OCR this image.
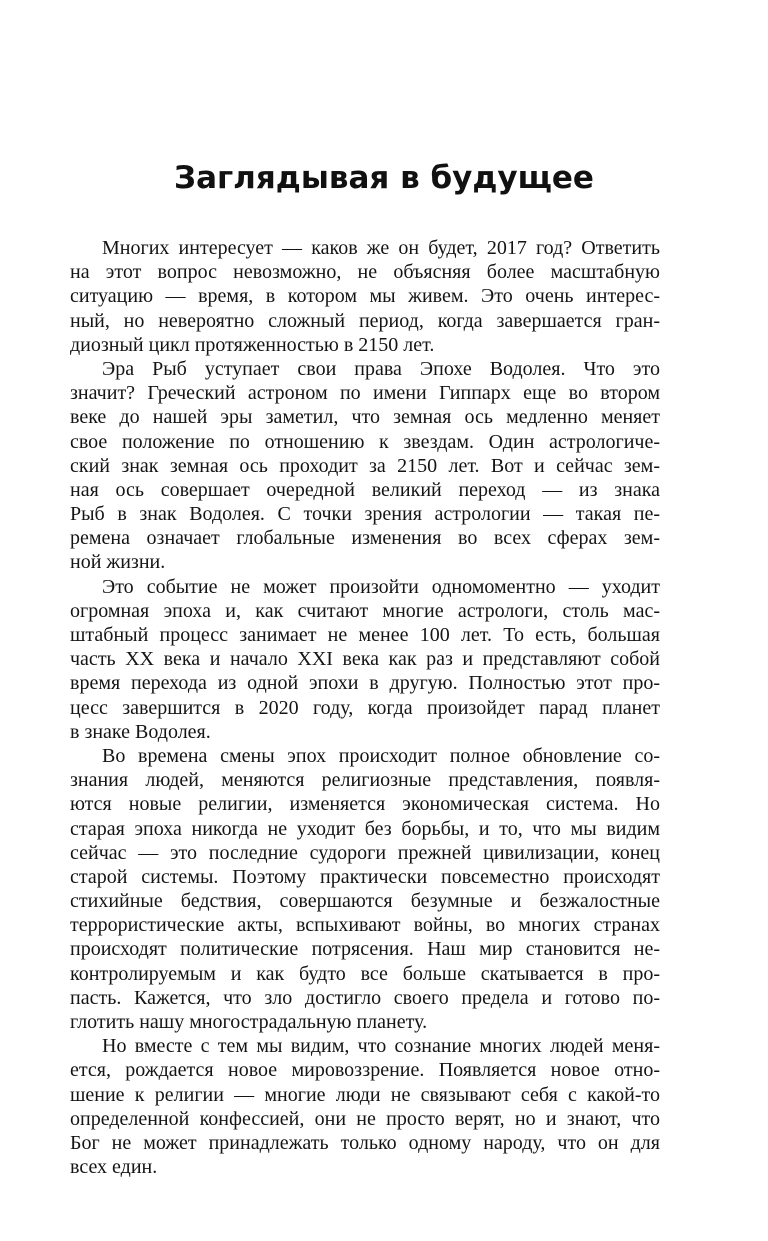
Заглядывая в будущее
Многих интересует — каков же он будет, 2017 год? Ответить
на этот вопрос невозможно, не объясняя более масштабную
ситуацию — время, в котором мы живем. Это очень интерес-
ный, но невероятно сложный период, когда завершается гран-
диозный цикл протяженностью в 2150 лет.
Эра Рыб уступает свои права Эпохе Водолея. Что это
значит? Греческий астроном по имени Гиппарх еще во втором
веке до нашей эры заметил, что земная ось медленно меняет
свое положение по отношению к звездам. Один астрологиче-
ский знак земная ось проходит за 2150 лет. Вот и сейчас зем-
ная ось совершает очередной великий переход — из знака
Рыб в знак Водолея. С точки зрения астрологии — такая пе-
ремена означает глобальные изменения во всех сферах зем-
ной жизни.
Это событие не может произойти одномоментно — уходит
огромная эпоха и, как считают многие астрологи, столь мас-
штабный процесс занимает не менее 100 лет. То есть, большая
часть XX века и начало XXI века как раз и представляют собой
время перехода из одной эпохи в другую. Полностью этот про-
цесс завершится в 2020 году, когда произойдет парад планет
в знаке Водолея.
Во времена смены эпох происходит полное обновление со-
знания людей, меняются религиозные представления, появля-
ются новые религии, изменяется экономическая система. Но
старая эпоха никогда не уходит без борьбы, и то, что мы видим
сейчас — это последние судороги прежней цивилизации, конец
старой системы. Поэтому практически повсеместно происходят
стихийные бедствия, совершаются безумные и безжалостные
террористические акты, вспыхивают войны, во многих странах
происходят политические потрясения. Наш мир становится не-
контролируемым и как будто все больше скатывается в про-
пасть. Кажется, что зло достигло своего предела и готово по-
глотить нашу многострадальную планету.
Но вместе с тем мы видим, что сознание многих людей меня-
ется, рождается новое мировоззрение. Появляется новое отно-
шение к религии — многие люди не связывают себя с какой-то
определенной конфессией, они не просто верят, но и знают, что
Бог не может принадлежать только одному народу, что он для
всех един.
